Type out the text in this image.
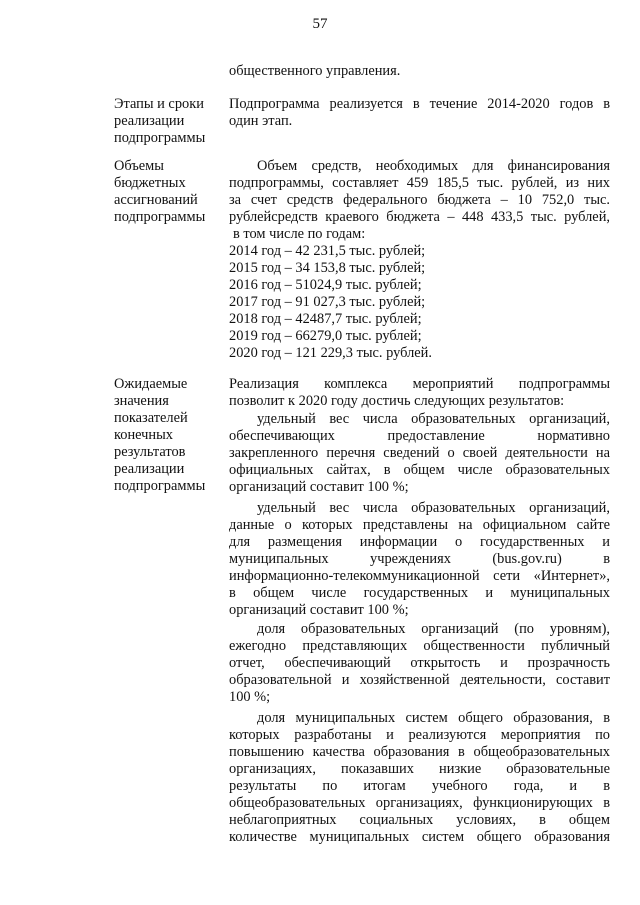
57
общественного управления.
Этапы и сроки
реализации
подпрограммы
Подпрограмма реализуется в течение 2014-2020 годов в
один этап.
Объемы
бюджетных
ассигнований
подпрограммы
Объем средств, необходимых для финансирования
подпрограммы, составляет 459 185,5 тыс. рублей, из них
за счет средств федерального бюджета – 10 752,0 тыс.
рублейсредств краевого бюджета – 448 433,5 тыс. рублей,
в том числе по годам:
2014 год – 42 231,5 тыс. рублей;
2015 год – 34 153,8 тыс. рублей;
2016 год – 51024,9 тыс. рублей;
2017 год – 91 027,3 тыс. рублей;
2018 год – 42487,7 тыс. рублей;
2019 год – 66279,0 тыс. рублей;
2020 год – 121 229,3 тыс. рублей.
Ожидаемые
значения
показателей
конечных
результатов
реализации
подпрограммы
Реализация комплекса мероприятий подпрограммы
позволит к 2020 году достичь следующих результатов:
удельный вес числа образовательных организаций,
обеспечивающих предоставление нормативно
закрепленного перечня сведений о своей деятельности на
официальных сайтах, в общем числе образовательных
организаций составит 100 %;
удельный вес числа образовательных организаций,
данные о которых представлены на официальном сайте
для размещения информации о государственных и
муниципальных учреждениях (bus.gov.ru) в
информационно-телекоммуникационной сети «Интернет»,
в общем числе государственных и муниципальных
организаций составит 100 %;
доля образовательных организаций (по уровням),
ежегодно представляющих общественности публичный
отчет, обеспечивающий открытость и прозрачность
образовательной и хозяйственной деятельности, составит
100 %;
доля муниципальных систем общего образования, в
которых разработаны и реализуются мероприятия по
повышению качества образования в общеобразовательных
организациях, показавших низкие образовательные
результаты по итогам учебного года, и в
общеобразовательных организациях, функционирующих в
неблагоприятных социальных условиях, в общем
количестве муниципальных систем общего образования
